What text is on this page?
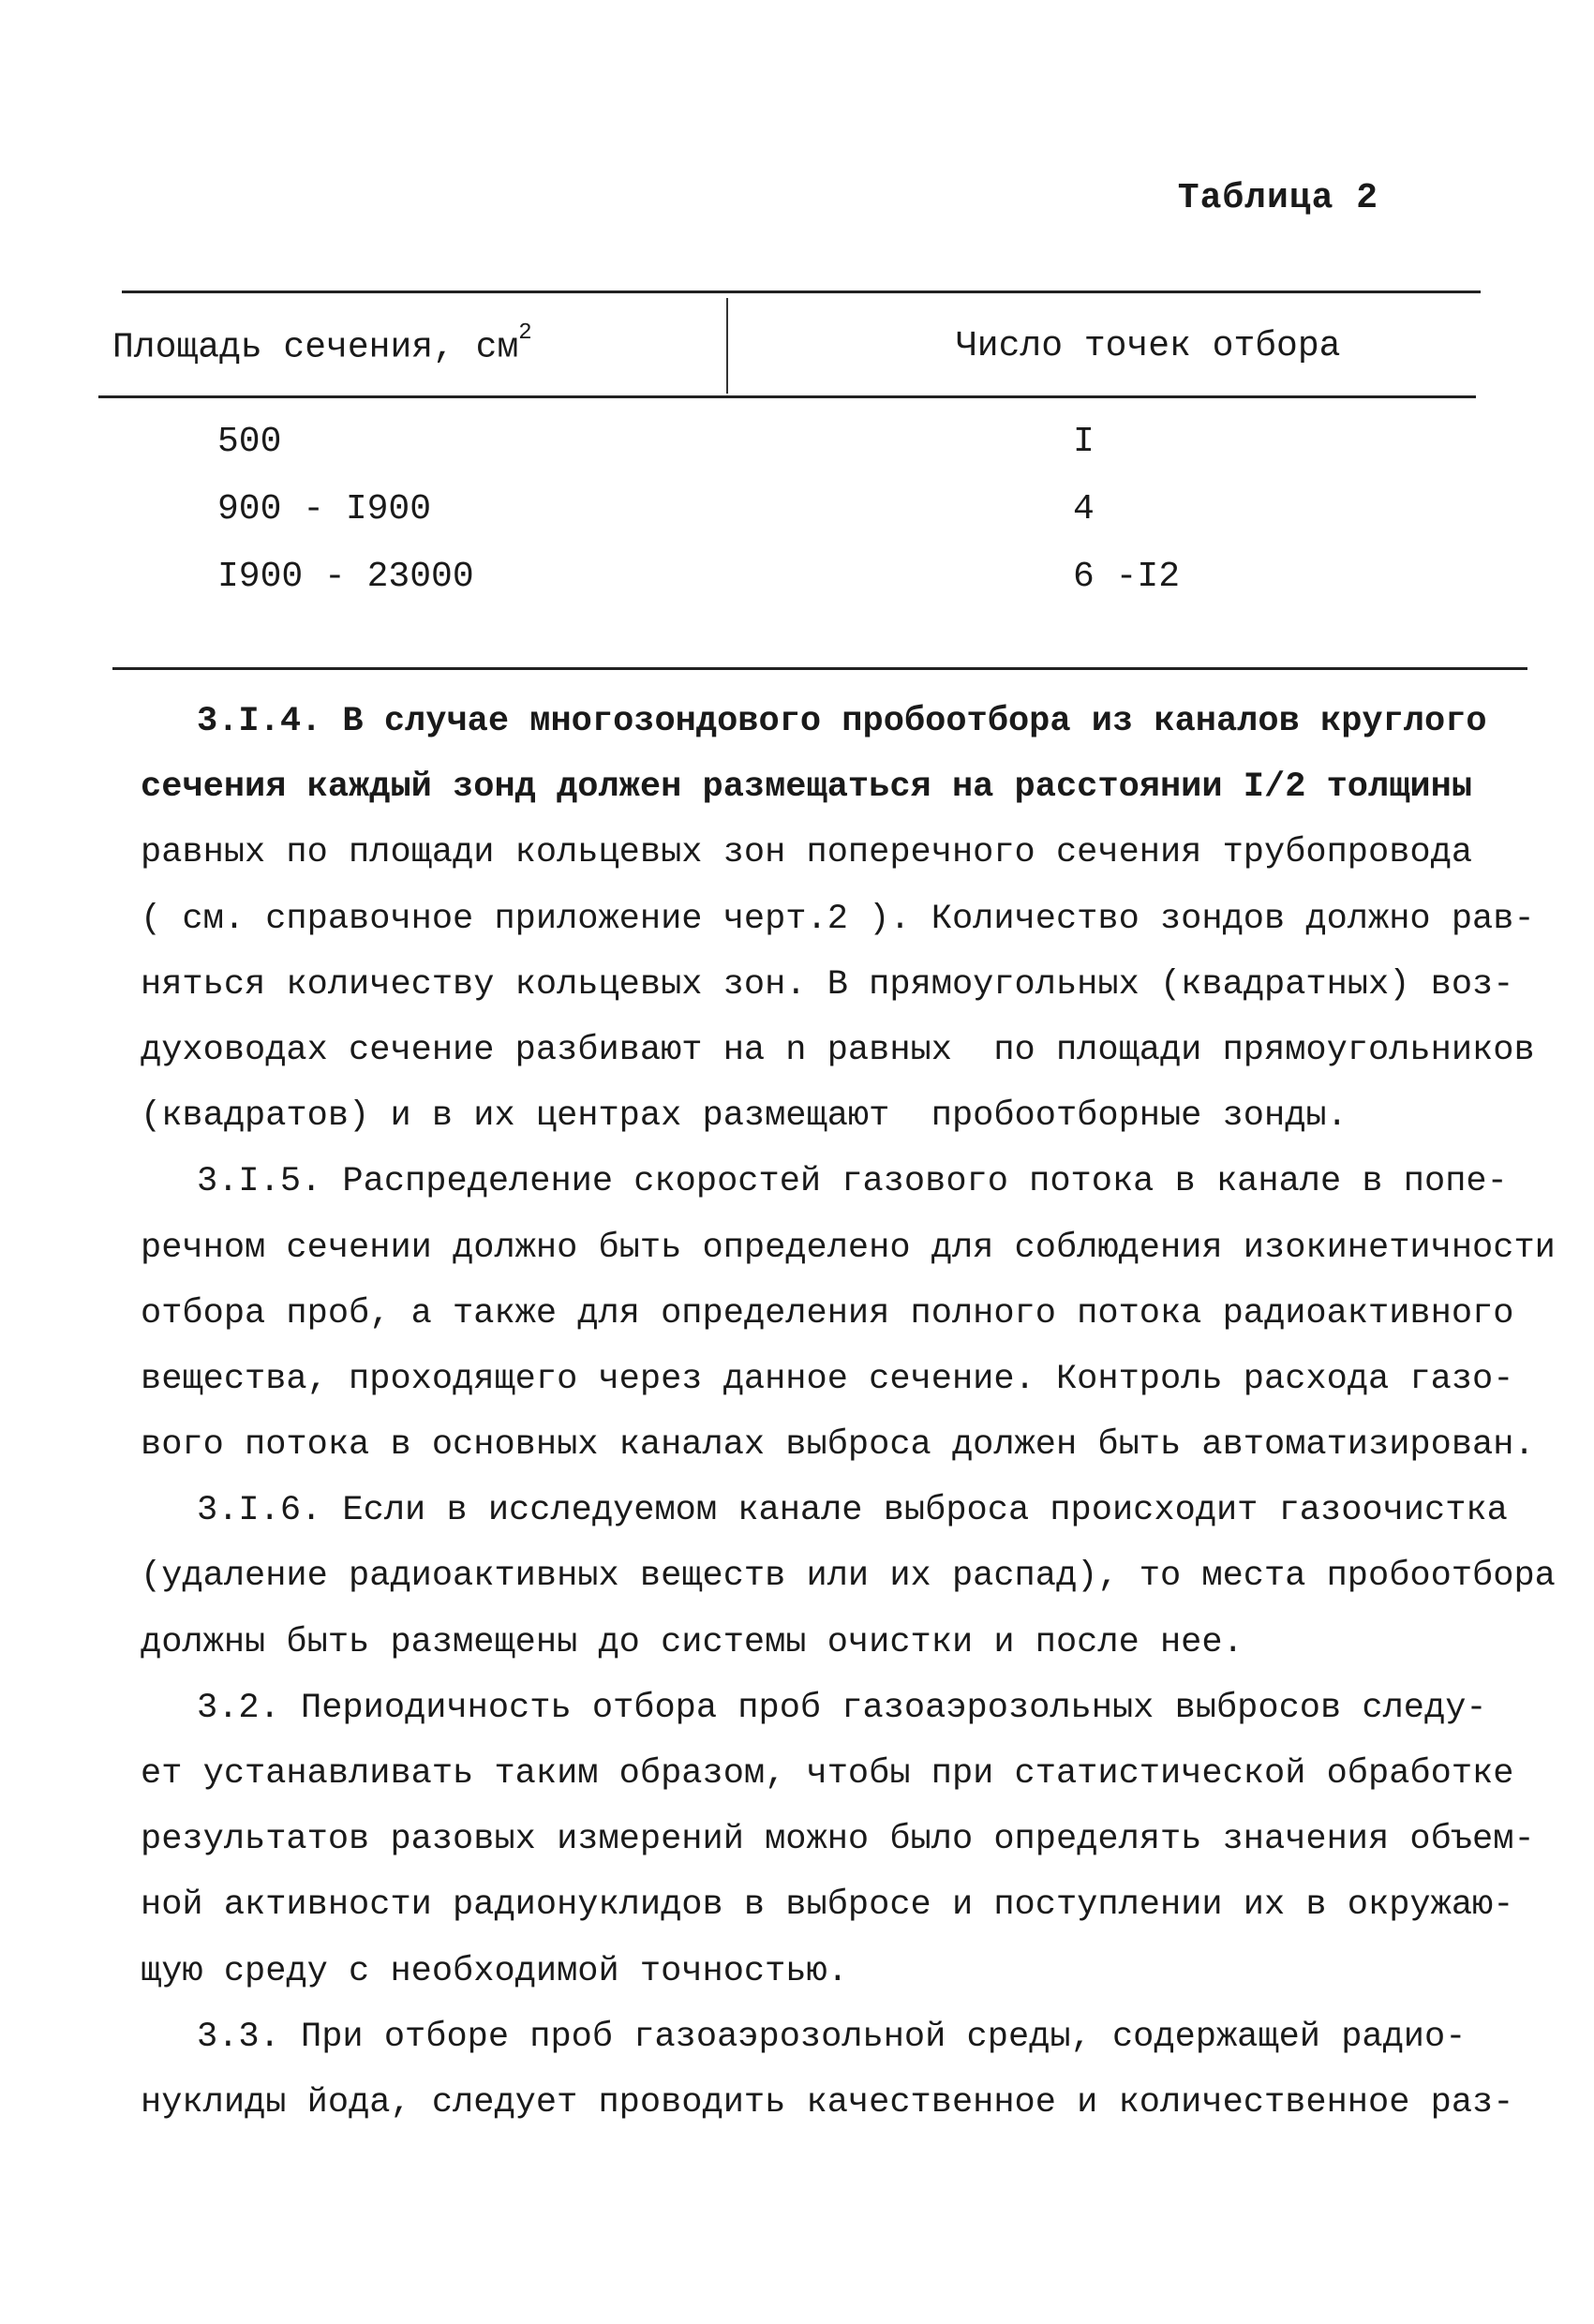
Таблица 2
Площадь сечения, $см^2$	Число точек отбора
500	I
900 - I900	4
I900 - 23000	6 -I2
3.I.4. В случае многозондового пробоотбора из каналов круглого
сечения каждый зонд должен размещаться на расстоянии I/2 толщины
равных по площади кольцевых зон поперечного сечения трубопровода
( см. справочное приложение черт.2 ). Количество зондов должно рав-
няться количеству кольцевых зон. В прямоугольных (квадратных) воз-
духоводах сечение разбивают на n равных  по площади прямоугольников
(квадратов) и в их центрах размещают  пробоотборные зонды.
3.I.5. Распределение скоростей газового потока в канале в попе-
речном сечении должно быть определено для соблюдения изокинетичности
отбора проб, а также для определения полного потока радиоактивного
вещества, проходящего через данное сечение. Контроль расхода газо-
вого потока в основных каналах выброса должен быть автоматизирован.
3.I.6. Если в исследуемом канале выброса происходит газоочистка
(удаление радиоактивных веществ или их распад), то места пробоотбора
должны быть размещены до системы очистки и после нее.
3.2. Периодичность отбора проб газоаэрозольных выбросов следу-
ет устанавливать таким образом, чтобы при статистической обработке
результатов разовых измерений можно было определять значения объем-
ной активности радионуклидов в выбросе и поступлении их в окружаю-
щую среду с необходимой точностью.
3.3. При отборе проб газоаэрозольной среды, содержащей радио-
нуклиды йода, следует проводить качественное и количественное раз-
